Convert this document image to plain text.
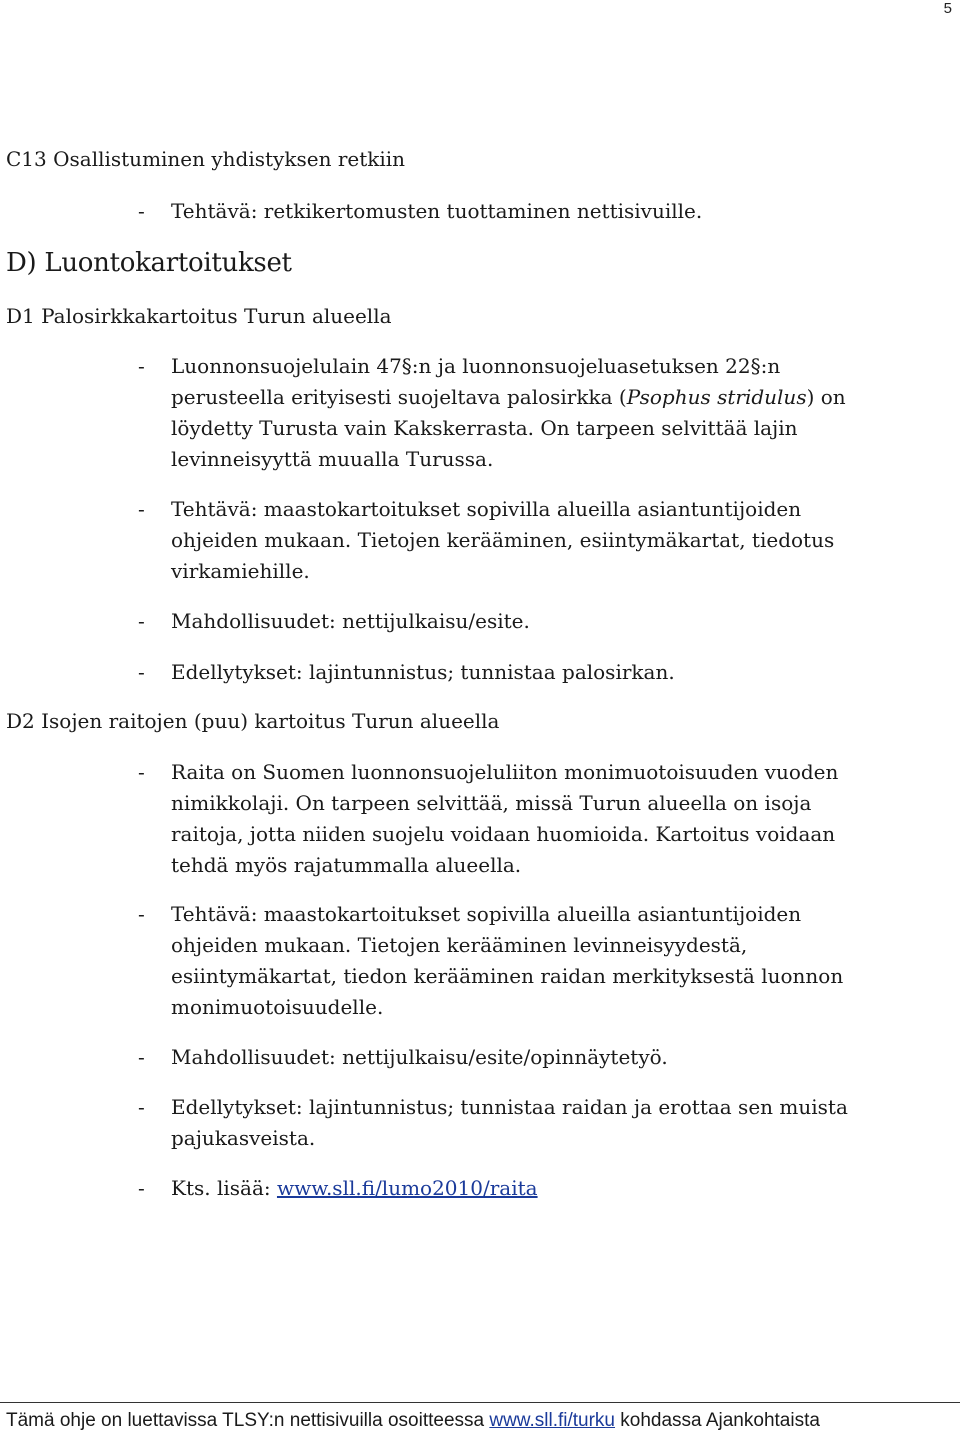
5
C13 Osallistuminen yhdistyksen retkiin
- Tehtävä: retkikertomusten tuottaminen nettisivuille.
D) Luontokartoitukset
D1 Palosirkkakartoitus Turun alueella
- Luonnonsuojelulain 47§:n ja luonnonsuojeluasetuksen 22§:n
perusteella erityisesti suojeltava palosirkka (Psophus stridulus) on
löydetty Turusta vain Kakskerrasta. On tarpeen selvittää lajin
levinneisyyttä muualla Turussa.
- Tehtävä: maastokartoitukset sopivilla alueilla asiantuntijoiden
ohjeiden mukaan. Tietojen kerääminen, esiintymäkartat, tiedotus
virkamiehille.
- Mahdollisuudet: nettijulkaisu/esite.
- Edellytykset: lajintunnistus; tunnistaa palosirkan.
D2 Isojen raitojen (puu) kartoitus Turun alueella
- Raita on Suomen luonnonsuojeluliiton monimuotoisuuden vuoden
nimikkolaji. On tarpeen selvittää, missä Turun alueella on isoja
raitoja, jotta niiden suojelu voidaan huomioida. Kartoitus voidaan
tehdä myös rajatummalla alueella.
- Tehtävä: maastokartoitukset sopivilla alueilla asiantuntijoiden
ohjeiden mukaan. Tietojen kerääminen levinneisyydestä,
esiintymäkartat, tiedon kerääminen raidan merkityksestä luonnon
monimuotoisuudelle.
- Mahdollisuudet: nettijulkaisu/esite/opinnäytetyö.
- Edellytykset: lajintunnistus; tunnistaa raidan ja erottaa sen muista
pajukasveista.
- Kts. lisää: www.sll.fi/lumo2010/raita
Tämä ohje on luettavissa TLSY:n nettisivuilla osoitteessa www.sll.fi/turku kohdassa Ajankohtaista
